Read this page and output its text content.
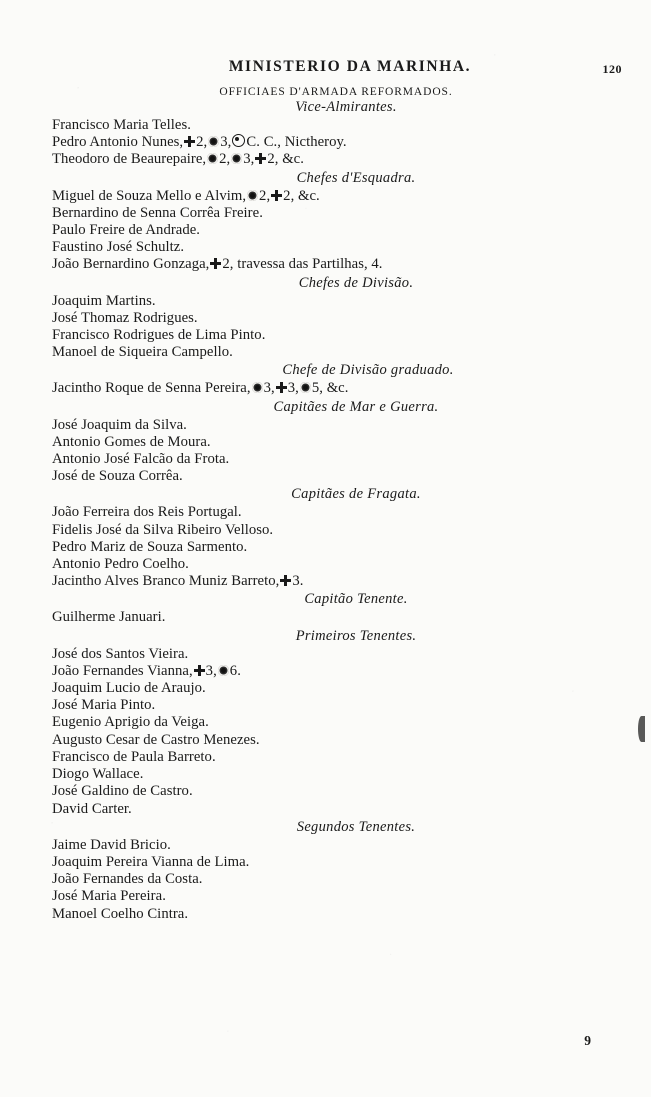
MINISTERIO DA MARINHA.	120
OFFICIAES D'ARMADA REFORMADOS.
Vice-Almirantes.
Francisco Maria Telles.
Pedro Antonio Nunes, 2, 3, C. C., Nictheroy.
Theodoro de Beaurepaire, 2, 3, 2, &c.
Chefes d'Esquadra.
Miguel de Souza Mello e Alvim, 2, 2, &c.
Bernardino de Senna Corrêa Freire.
Paulo Freire de Andrade.
Faustino José Schultz.
João Bernardino Gonzaga, 2, travessa das Partilhas, 4.
Chefes de Divisão.
Joaquim Martins.
José Thomaz Rodrigues.
Francisco Rodrigues de Lima Pinto.
Manoel de Siqueira Campello.
Chefe de Divisão graduado.
Jacintho Roque de Senna Pereira, 3, 3, 5, &c.
Capitães de Mar e Guerra.
José Joaquim da Silva.
Antonio Gomes de Moura.
Antonio José Falcão da Frota.
José de Souza Corrêa.
Capitães de Fragata.
João Ferreira dos Reis Portugal.
Fidelis José da Silva Ribeiro Velloso.
Pedro Mariz de Souza Sarmento.
Antonio Pedro Coelho.
Jacintho Alves Branco Muniz Barreto, 3.
Capitão Tenente.
Guilherme Januari.
Primeiros Tenentes.
José dos Santos Vieira.
João Fernandes Vianna, 3, 6.
Joaquim Lucio de Araujo.
José Maria Pinto.
Eugenio Aprigio da Veiga.
Augusto Cesar de Castro Menezes.
Francisco de Paula Barreto.
Diogo Wallace.
José Galdino de Castro.
David Carter.
Segundos Tenentes.
Jaime David Bricio.
Joaquim Pereira Vianna de Lima.
João Fernandes da Costa.
José Maria Pereira.
Manoel Coelho Cintra.
9
